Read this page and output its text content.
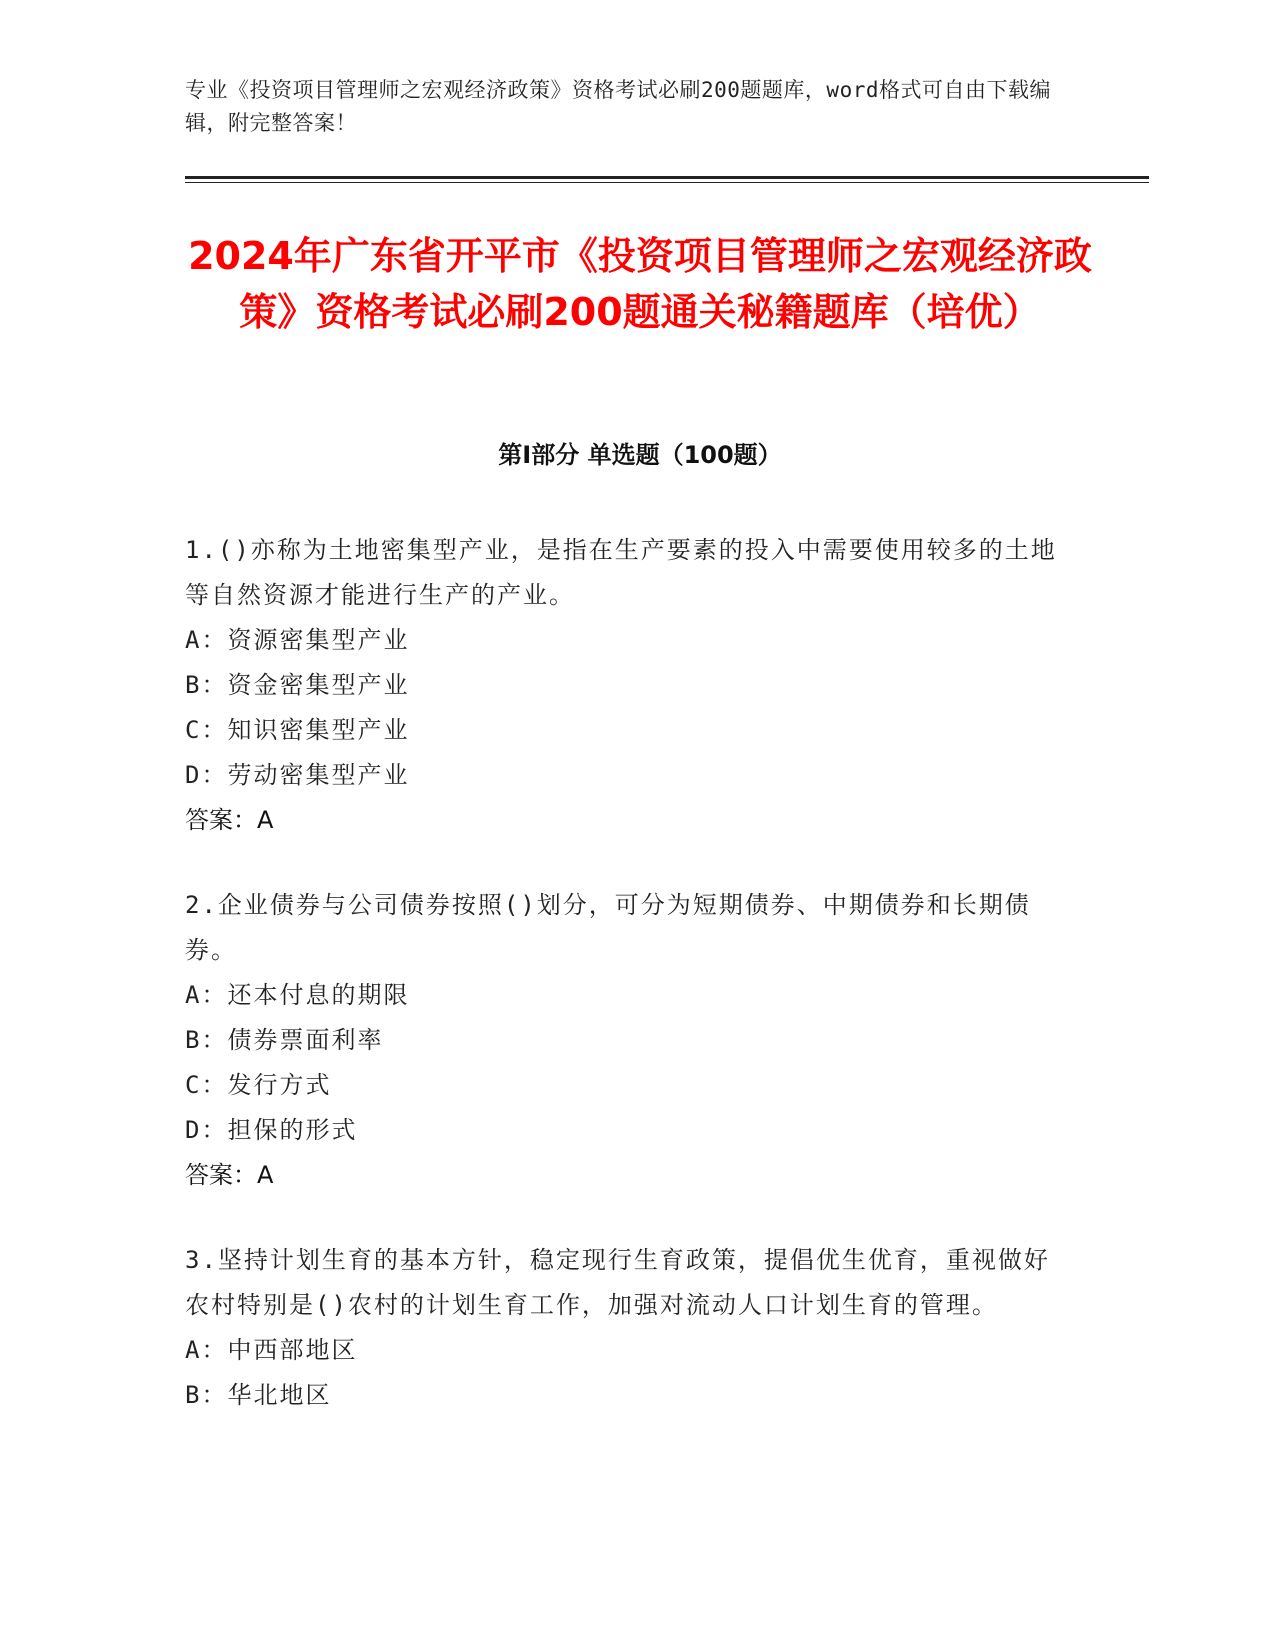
专业《投资项目管理师之宏观经济政策》资格考试必刷200题题库，word格式可自由下载编辑，附完整答案！
2024年广东省开平市《投资项目管理师之宏观经济政策》资格考试必刷200题通关秘籍题库（培优）
第Ⅰ部分 单选题（100题）
1.()亦称为土地密集型产业，是指在生产要素的投入中需要使用较多的土地等自然资源才能进行生产的产业。
A：资源密集型产业
B：资金密集型产业
C：知识密集型产业
D：劳动密集型产业
答案：A
2.企业债券与公司债券按照()划分，可分为短期债券、中期债券和长期债券。
A：还本付息的期限
B：债券票面利率
C：发行方式
D：担保的形式
答案：A
3.坚持计划生育的基本方针，稳定现行生育政策，提倡优生优育，重视做好农村特别是()农村的计划生育工作，加强对流动人口计划生育的管理。
A：中西部地区
B：华北地区
